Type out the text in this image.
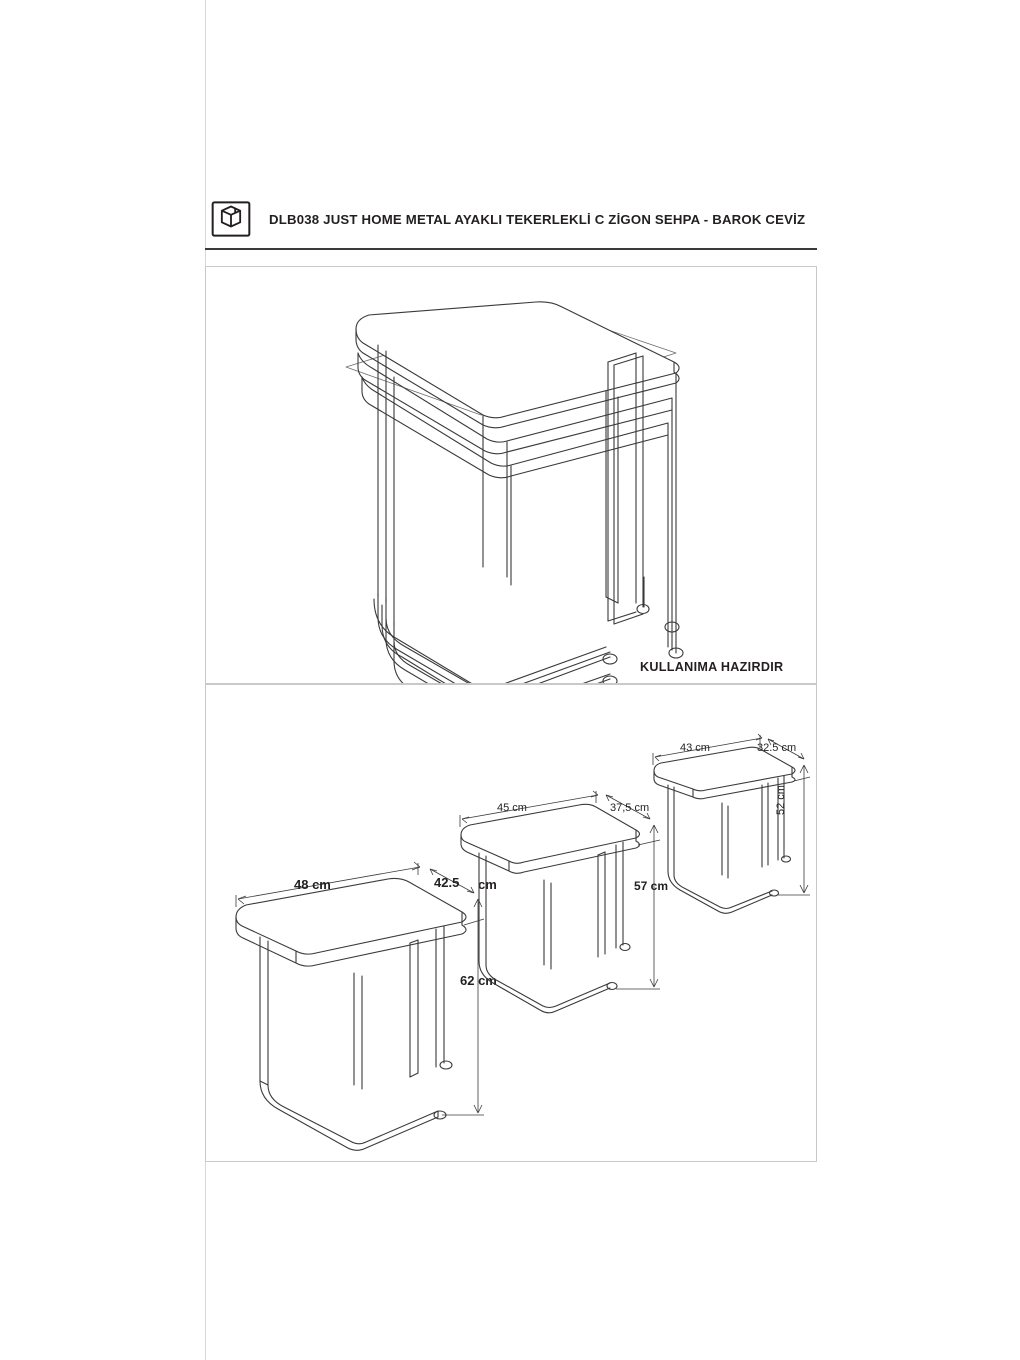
DLB038 JUST HOME METAL AYAKLI TEKERLEKLİ C ZİGON SEHPA - BAROK CEVİZ
KULLANIMA HAZIRDIR
48 cm	42.5 cm
62 cm
45 cm	37,5 cm
57 cm
43 cm	32.5 cm
52 cm
